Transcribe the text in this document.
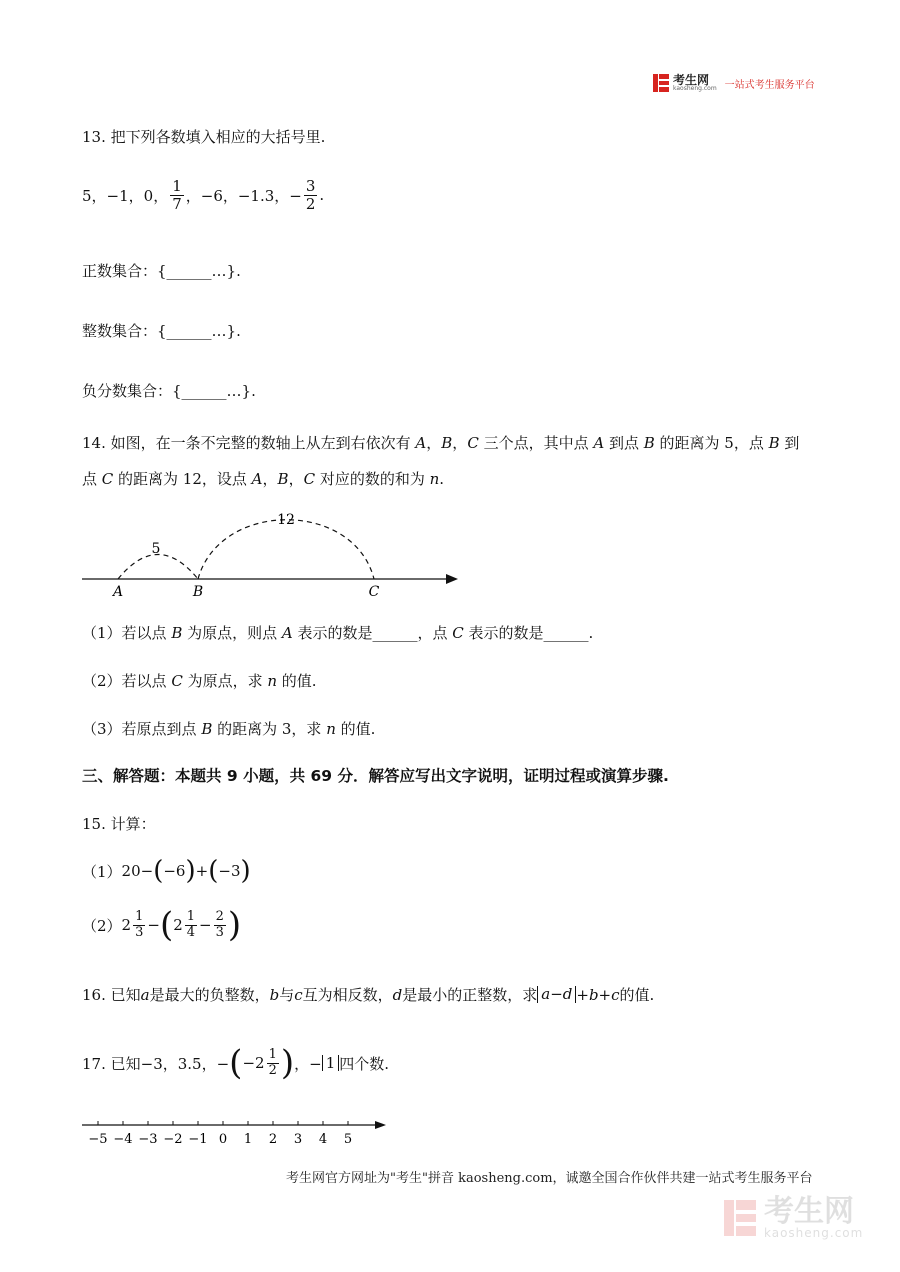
考生网
kaosheng.com 一站式考生服务平台
13. 把下列各数填入相应的大括号里.
5，−1，0， $\frac{1}{7}$ ，−6，−1.3，− $\frac{3}{2}$ .
正数集合：{______…}.
整数集合：{______…}.
负分数集合：{______…}.
14. 如图，在一条不完整的数轴上从左到右依次有 A，B，C 三个点，其中点 A 到点 B 的距离为 5，点 B 到
点 C 的距离为 12，设点 A，B，C 对应的数的和为 n.
5
12
A	B	C
（1）若以点 B 为原点，则点 A 表示的数是______，点 C 表示的数是______.
（2）若以点 C 为原点，求 n 的值.
（3）若原点到点 B 的距离为 3，求 n 的值.
三、解答题：本题共 9 小题，共 69 分．解答应写出文字说明，证明过程或演算步骤.
15. 计算：
（1） 20− ( −6 ) + ( −3 )
（2） $2 \frac{1}{3}$ − ( $2 \frac{1}{4} - \frac{2}{3}$ )
16. 已知 a 是最大的负整数， b 与 c 互为相反数， d 是最小的正整数，求 a−d +b+c 的值.
17. 已知−3，3.5，− ( $-2 \frac{1}{2}$ ) ，− 1 四个数.
−5 −4 −3 −2 −1 0 1 2 3 4 5
考生网官方网址为"考生"拼音 kaosheng.com，诚邀全国合作伙伴共建一站式考生服务平台
考生网
kaosheng.com
